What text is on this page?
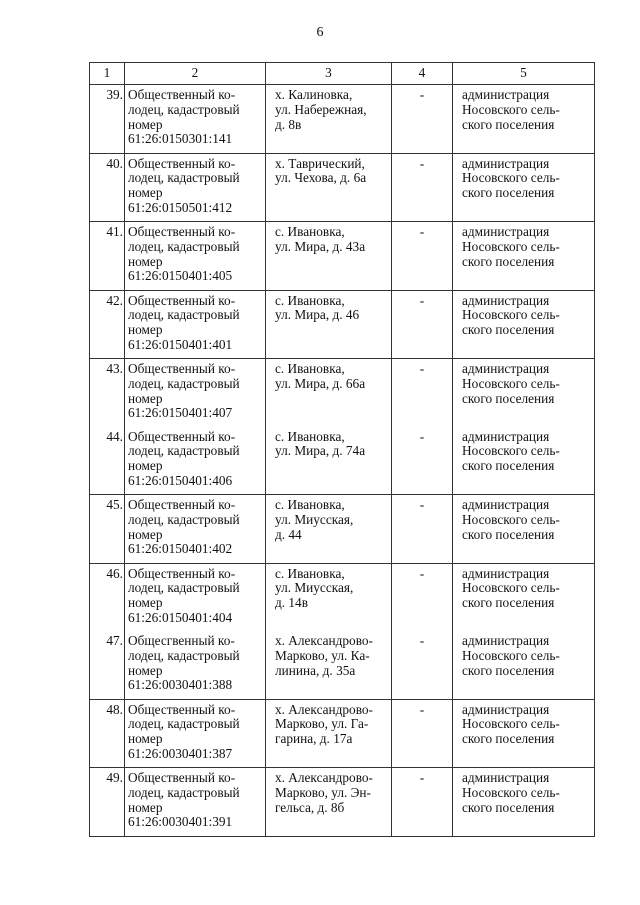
6
1	2	3	4	5
39.	Общественный ко-
лодец, кадастровый
номер
61:26:0150301:141	х. Калиновка,
ул. Набережная,
д. 8в	-	администрация
Носовского сель-
ского поселения
40.	Общественный ко-
лодец, кадастровый
номер
61:26:0150501:412	х. Таврический,
ул. Чехова, д. 6а	-	администрация
Носовского сель-
ского поселения
41.	Общественный ко-
лодец, кадастровый
номер
61:26:0150401:405	с. Ивановка,
ул. Мира, д. 43а	-	администрация
Носовского сель-
ского поселения
42.	Общественный ко-
лодец, кадастровый
номер
61:26:0150401:401	с. Ивановка,
ул. Мира, д. 46	-	администрация
Носовского сель-
ского поселения
43.	Общественный ко-
лодец, кадастровый
номер
61:26:0150401:407	с. Ивановка,
ул. Мира, д. 66а	-	администрация
Носовского сель-
ского поселения
44.	Общественный ко-
лодец, кадастровый
номер
61:26:0150401:406	с. Ивановка,
ул. Мира, д. 74а	-	администрация
Носовского сель-
ского поселения
45.	Общественный ко-
лодец, кадастровый
номер
61:26:0150401:402	с. Ивановка,
ул. Миусская,
д. 44	-	администрация
Носовского сель-
ского поселения
46.	Общественный ко-
лодец, кадастровый
номер
61:26:0150401:404	с. Ивановка,
ул. Миусская,
д. 14в	-	администрация
Носовского сель-
ского поселения
47.	Общесгвенный ко-
лодец, кадастровый
номер
61:26:0030401:388	х. Александрово-
Марково, ул. Ка-
линина, д. 35а	-	администрация
Носовского сель-
ского поселения
48.	Общественный ко-
лодец, кадастровый
номер
61:26:0030401:387	х. Александрово-
Марково, ул. Га-
гарина, д. 17а	-	администрация
Носовского сель-
ского поселения
49.	Общественный ко-
лодец, кадастровый
номер
61:26:0030401:391	х. Александрово-
Марково, ул. Эн-
гельса, д. 8б	-	администрация
Носовского сель-
ского поселения
